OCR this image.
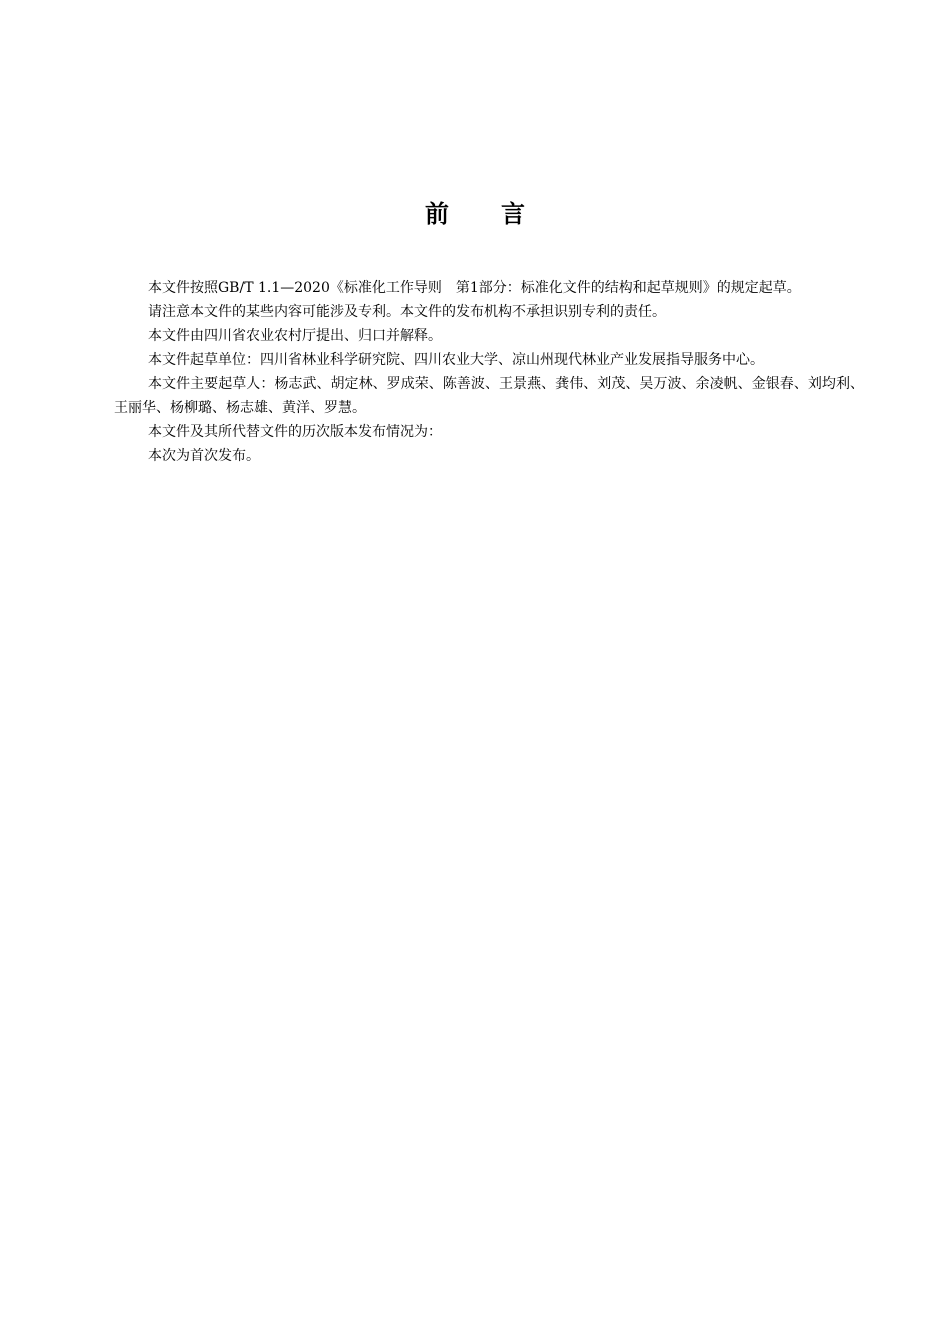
前言

本文件按照GB/T 1.1—2020《标准化工作导则　第1部分：标准化文件的结构和起草规则》的规定起草。

请注意本文件的某些内容可能涉及专利。本文件的发布机构不承担识别专利的责任。

本文件由四川省农业农村厅提出、归口并解释。

本文件起草单位：四川省林业科学研究院、四川农业大学、凉山州现代林业产业发展指导服务中心。

本文件主要起草人：杨志武、胡定林、罗成荣、陈善波、王景燕、龚伟、刘茂、吴万波、余凌帆、金银春、刘均利、王丽华、杨柳璐、杨志雄、黄洋、罗慧。

本文件及其所代替文件的历次版本发布情况为：

本次为首次发布。
